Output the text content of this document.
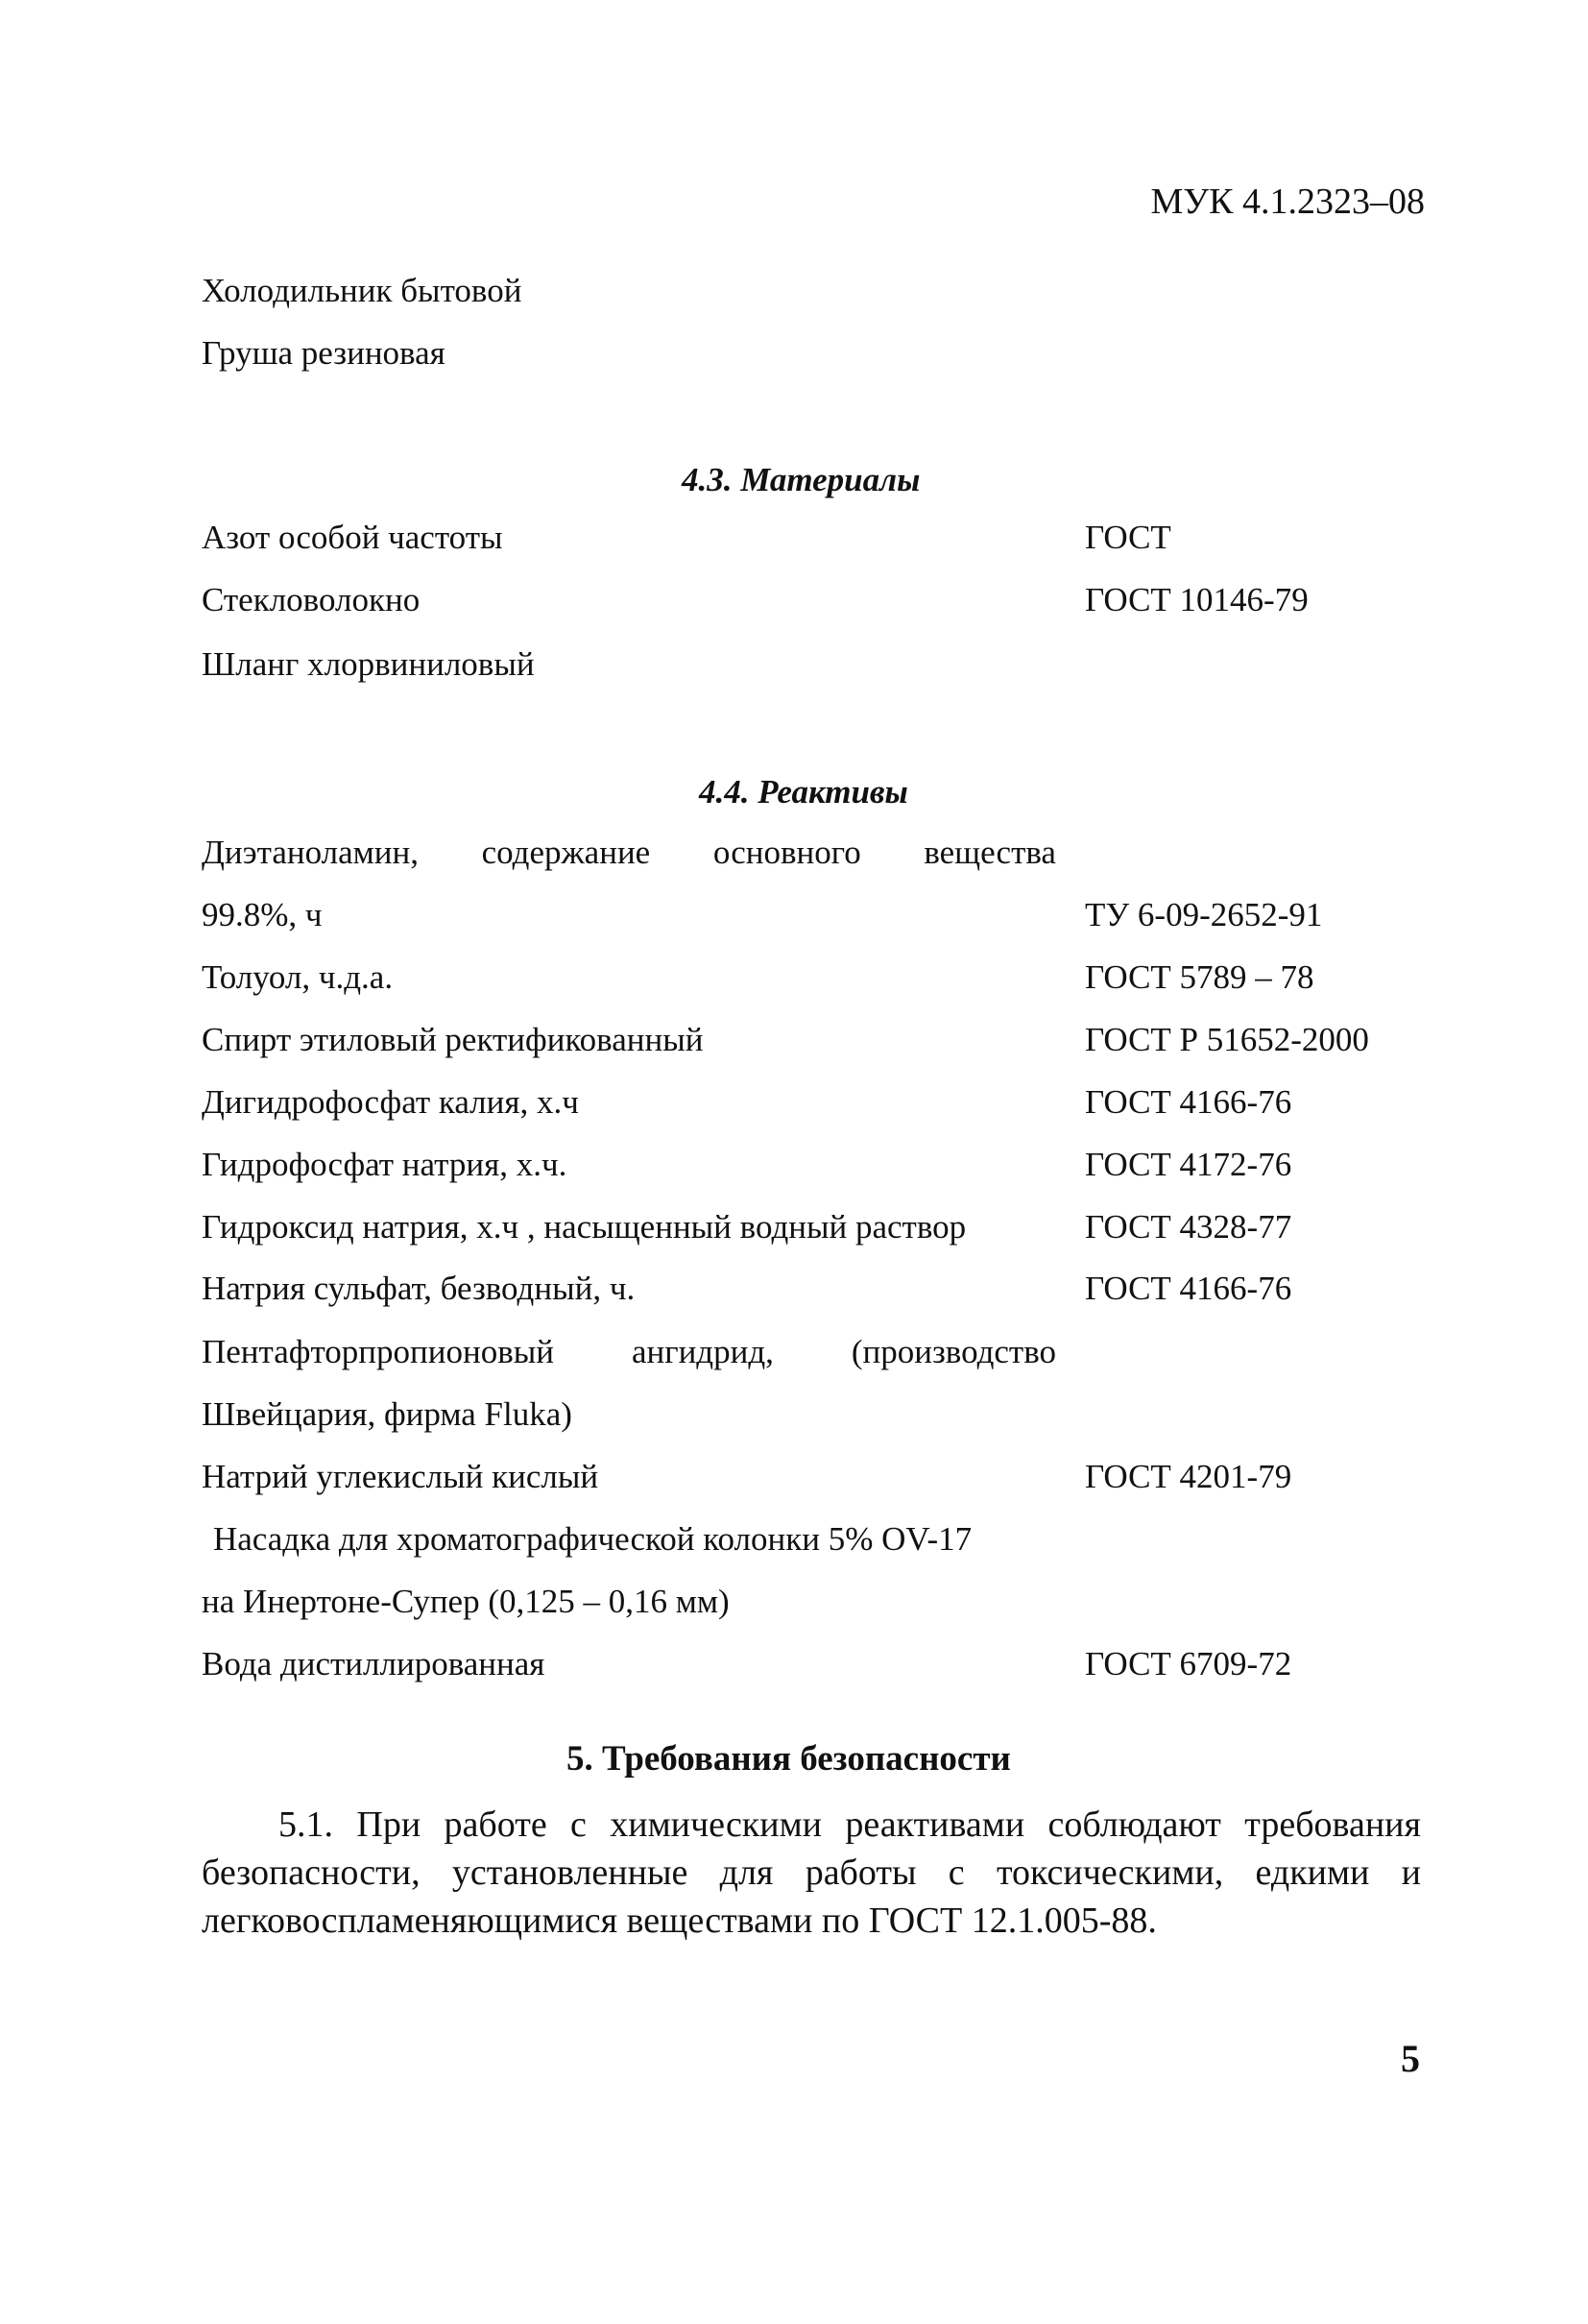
МУК 4.1.2323–08
Холодильник бытовой
Груша резиновая
4.3. Материалы
Азот особой частоты	ГОСТ
Стекловолокно	ГОСТ 10146-79
Шланг хлорвиниловый
4.4. Реактивы
Диэтаноламин, содержание основного вещества
99.8%, ч	ТУ 6-09-2652-91
Толуол, ч.д.а.	ГОСТ 5789 – 78
Спирт этиловый ректификованный	ГОСТ Р 51652-2000
Дигидрофосфат калия, х.ч	ГОСТ 4166-76
Гидрофосфат натрия, х.ч.	ГОСТ 4172-76
Гидроксид натрия, х.ч , насыщенный водный раствор	ГОСТ 4328-77
Натрия сульфат, безводный, ч.	ГОСТ 4166-76
Пентафторпропионовый ангидрид, (производство
Швейцария, фирма Fluka)
Натрий углекислый кислый	ГОСТ 4201-79
Насадка для хроматографической колонки 5% OV-17
на Инертоне-Супер (0,125 – 0,16 мм)
Вода дистиллированная	ГОСТ 6709-72
5. Требования безопасности

5.1. При работе с химическими реактивами соблюдают требования

безопасности, установленные для работы с токсическими, едкими и

легковоспламеняющимися веществами по ГОСТ 12.1.005-88.

5
